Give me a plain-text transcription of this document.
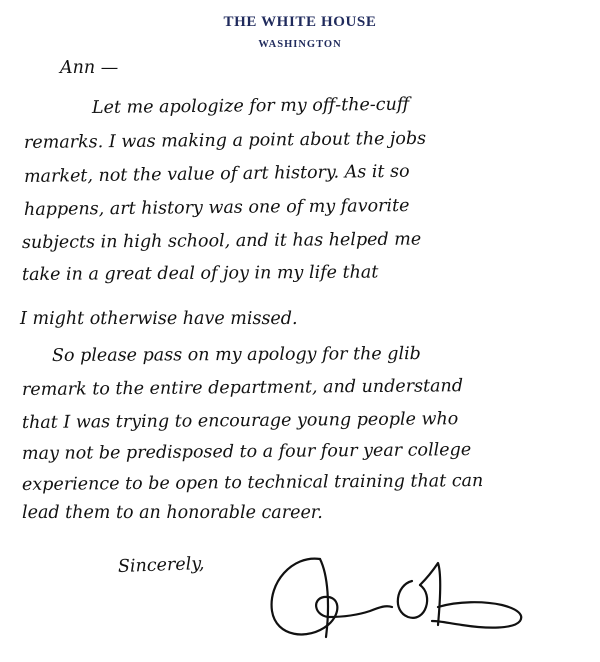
THE WHITE HOUSE
WASHINGTON
Ann —
Let me apologize for my off-the-cuff
remarks. I was making a point about the jobs
market, not the value of art history. As it so
happens, art history was one of my favorite
subjects in high school, and it has helped me
take in a great deal of joy in my life that
I might otherwise have missed.
So please pass on my apology for the glib
remark to the entire department, and understand
that I was trying to encourage young people who
may not be predisposed to a four four year college
experience to be open to technical training that can
lead them to an honorable career.
Sincerely,
